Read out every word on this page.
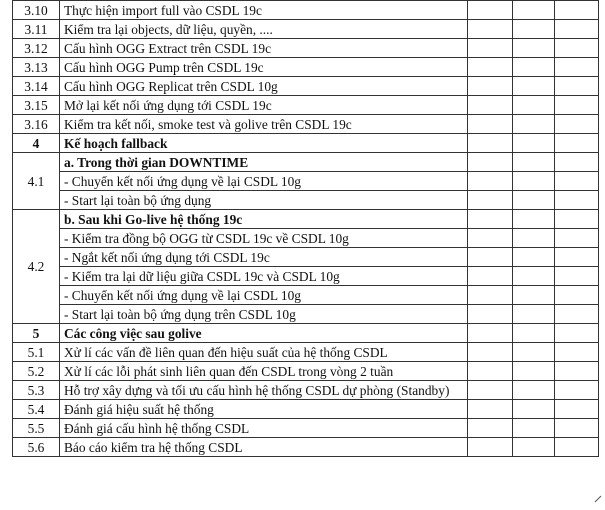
3.10	Thực hiện import full vào CSDL 19c			
3.11	Kiểm tra lại objects, dữ liệu, quyền, ....			
3.12	Cấu hình OGG Extract trên CSDL 19c			
3.13	Cấu hình OGG Pump trên CSDL 19c			
3.14	Cấu hình OGG Replicat trên CSDL 10g			
3.15	Mở lại kết nối ứng dụng tới CSDL 19c			
3.16	Kiểm tra kết nối, smoke test và golive trên CSDL 19c			
4	Kế hoạch fallback			
4.1	a. Trong thời gian DOWNTIME			
	- Chuyển kết nối ứng dụng về lại CSDL 10g			
	- Start lại toàn bộ ứng dụng			
4.2	b. Sau khi Go-live hệ thống 19c			
	- Kiểm tra đồng bộ OGG từ CSDL 19c về CSDL 10g			
	- Ngắt kết nối ứng dụng tới CSDL 19c			
	- Kiểm tra lại dữ liệu giữa CSDL 19c và CSDL 10g			
	- Chuyển kết nối ứng dụng về lại CSDL 10g			
	- Start lại toàn bộ ứng dụng trên CSDL 10g			
5	Các công việc sau golive			
5.1	Xử lí các vấn đề liên quan đến hiệu suất của hệ thống CSDL			
5.2	Xử lí các lỗi phát sinh liên quan đến CSDL trong vòng 2 tuần			
5.3	Hỗ trợ xây dựng và tối ưu cấu hình hệ thống CSDL dự phòng (Standby)			
5.4	Đánh giá hiệu suất hệ thống			
5.5	Đánh giá cấu hình hệ thống CSDL			
5.6	Báo cáo kiểm tra hệ thống CSDL			
